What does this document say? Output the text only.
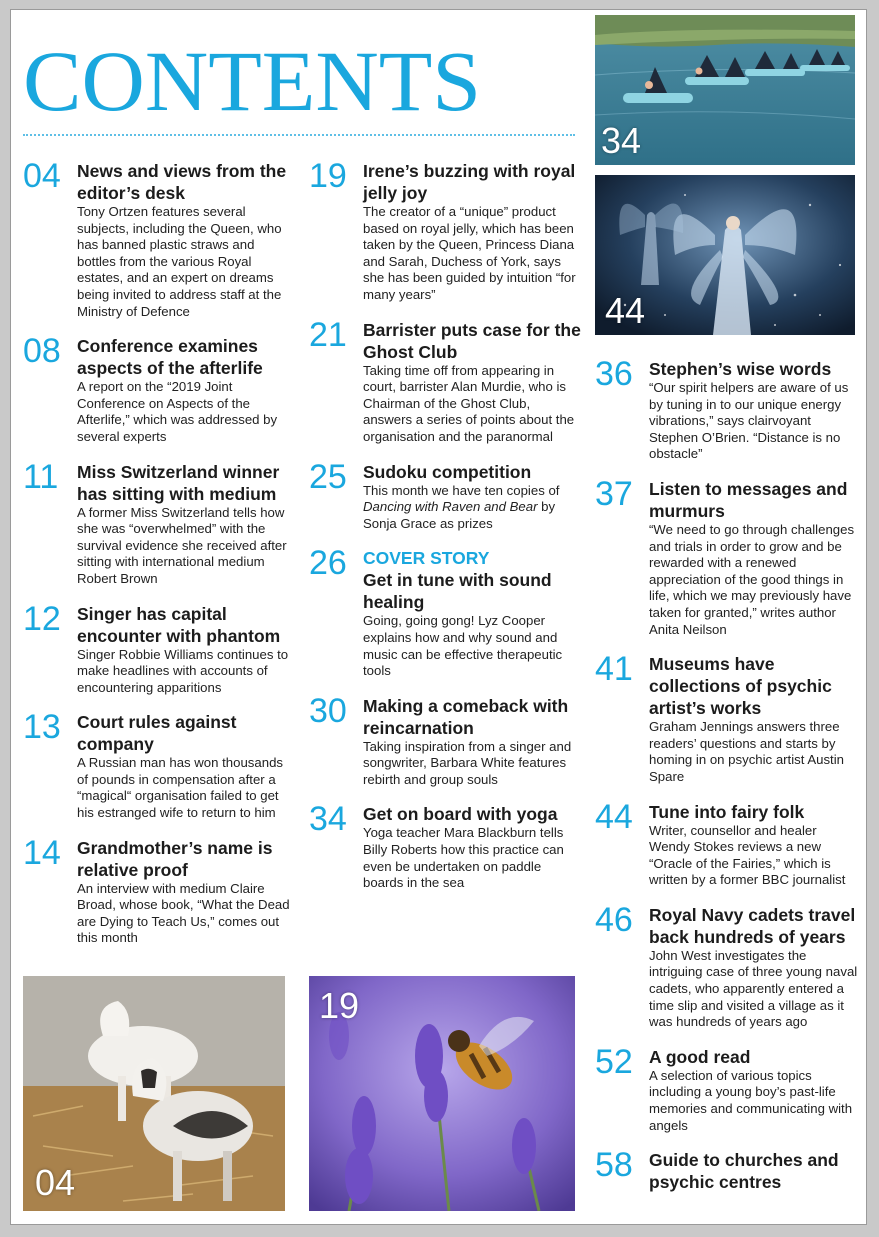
CONTENTS
04 News and views from the editor’s desk

Tony Ortzen features several subjects, including the Queen, who has banned plastic straws and bottles from the various Royal estates, and an expert on dreams being invited to address staff at the Ministry of Defence

08 Conference examines aspects of the afterlife

A report on the “2019 Joint Conference on Aspects of the Afterlife,” which was addressed by several experts

11	Miss Switzerland winner has sitting with medium

A former Miss Switzerland tells how she was “overwhelmed” with the survival evidence she received after sitting with international medium Robert Brown

12 Singer has capital encounter with phantom

Singer Robbie Williams continues to make headlines with accounts of encountering apparitions

13 Court rules against company

A Russian man has won thousands of pounds in compensation after a “magical“ organisation failed to get his estranged wife to return to him

14 Grandmother’s name is relative proof

An interview with medium Claire Broad, whose book, “What the Dead are Dying to Teach Us,” comes out this month

19 Irene’s buzzing with royal jelly joy

The creator of a “unique” product based on royal jelly, which has been taken by the Queen, Princess Diana and Sarah, Duchess of York, says she has been guided by intuition “for many years”

21 Barrister puts case for the Ghost Club

Taking time off from appearing in court, barrister Alan Murdie, who is Chairman of the Ghost Club, answers a series of points about the organisation and the paranormal

25 Sudoku competition

This month we have ten copies of Dancing with Raven and Bear by Sonja Grace as prizes

26 COVER STORY

Get in tune with sound healing

Going, going gong! Lyz Cooper explains how and why sound and music can be effective therapeutic tools

30 Making a comeback with reincarnation

Taking inspiration from a singer and songwriter, Barbara White features rebirth and group souls

34 Get on board with yoga

Yoga teacher Mara Blackburn tells Billy Roberts how this practice can even be undertaken on paddle boards in the sea

36 Stephen’s wise words

“Our spirit helpers are aware of us by tuning in to our unique energy vibrations,” says clairvoyant Stephen O’Brien. “Distance is no obstacle”

37 Listen to messages and murmurs

“We need to go through challenges and trials in order to grow and be rewarded with a renewed appreciation of the good things in life, which we may previously have taken for granted,” writes author Anita Neilson

41 Museums have collections of psychic artist’s works

Graham Jennings answers three readers’ questions and starts by homing in on psychic artist Austin Spare

44 Tune into fairy folk

Writer, counsellor and healer Wendy Stokes reviews a new “Oracle of the Fairies,” which is written by a former BBC journalist

46 Royal Navy cadets travel back hundreds of years

John West investigates the intriguing case of three young naval cadets, who apparently entered a time slip and visited a village as it was hundreds of years ago

52 A good read

A selection of various topics including a young boy’s past-life memories and communicating with angels

58 Guide to churches and psychic centres

34
44
04
19
